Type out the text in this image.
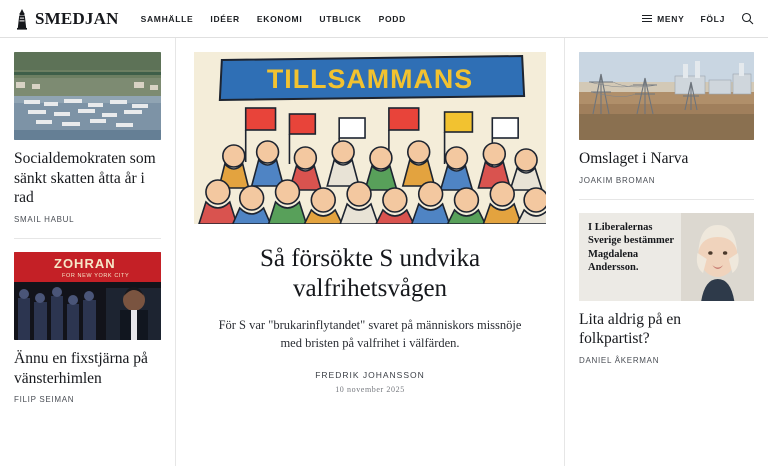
SMEDJAN	SAMHÄLLE IDÉER EKONOMI UTBLICK PODD	MENY FÖLJ
Socialdemokraten som sänkt skatten åtta år i rad
SMAIL HABUL
ZOHRAN
FOR NEW YORK CITY
Ännu en fixstjärna på vänsterhimlen
FILIP SEIMAN
TILLSAMMANS
Så försökte S undvika valfrihetsvågen

För S var "brukarinflytandet" svaret på människors missnöje med bristen på valfrihet i välfärden.

FREDRIK JOHANSSON
10 november 2025
Omslaget i Narva
JOAKIM BROMAN
I Liberalernas Sverige bestämmer Magdalena Andersson.
Lita aldrig på en folkpartist?
DANIEL ÅKERMAN
